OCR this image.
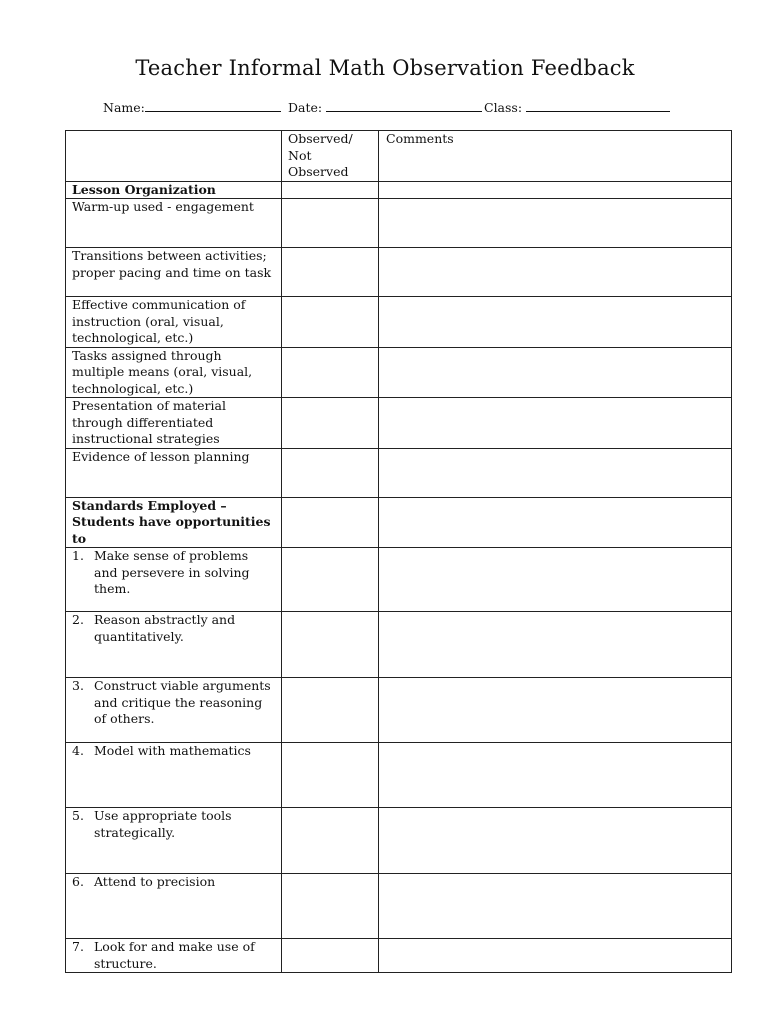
Teacher Informal Math Observation Feedback
Name:	Date:	Class:
	Observed/ Not Observed	Comments
Lesson Organization		
Warm-up used - engagement		
Transitions between activities; proper pacing and time on task		
Effective communication of instruction (oral, visual, technological, etc.)		
Tasks assigned through multiple means (oral, visual, technological, etc.)		
Presentation of material through differentiated instructional strategies		
Evidence of lesson planning		
Standards Employed – Students have opportunities to		

1. Make sense of problems and persevere in solving them.		

2. Reason abstractly and quantitatively.		

3. Construct viable arguments and critique the reasoning of others.		

4. Model with mathematics		

5. Use appropriate tools strategically.		

6. Attend to precision		

7. Look for and make use of structure.		
